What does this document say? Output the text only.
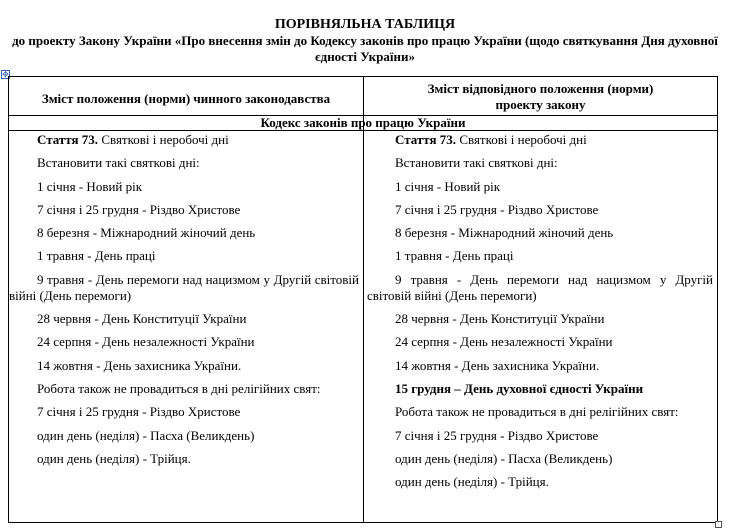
ПОРІВНЯЛЬНА ТАБЛИЦЯ
до проекту Закону України «Про внесення змін до Кодексу законів про працю України (щодо святкування Дня духовної єдності України»
✥
Зміст положення (норми) чинного законодавства
Зміст відповідного положення (норми) проекту закону
Кодекс законів про працю України

Стаття 73. Святкові і неробочі дні

Встановити такі святкові дні:

1 січня - Новий рік

7 січня і 25 грудня - Різдво Христове

8 березня - Міжнародний жіночий день

1 травня - День праці

9 травня - День перемоги над нацизмом у Другій світовій війні (День перемоги)

28 червня - День Конституції України

24 серпня - День незалежності України

14 жовтня - День захисника України.

Робота також не провадиться в дні релігійних свят:

7 січня і 25 грудня - Різдво Христове

один день (неділя) - Пасха (Великдень)

один день (неділя) - Трійця.

Стаття 73. Святкові і неробочі дні

Встановити такі святкові дні:

1 січня - Новий рік

7 січня і 25 грудня - Різдво Христове

8 березня - Міжнародний жіночий день

1 травня - День праці

9 травня - День перемоги над нацизмом у Другій світовій війні (День перемоги)

28 червня - День Конституції України

24 серпня - День незалежності України

14 жовтня - День захисника України.

15 грудня – День духовної єдності України

Робота також не провадиться в дні релігійних свят:

7 січня і 25 грудня - Різдво Христове

один день (неділя) - Пасха (Великдень)

один день (неділя) - Трійця.
